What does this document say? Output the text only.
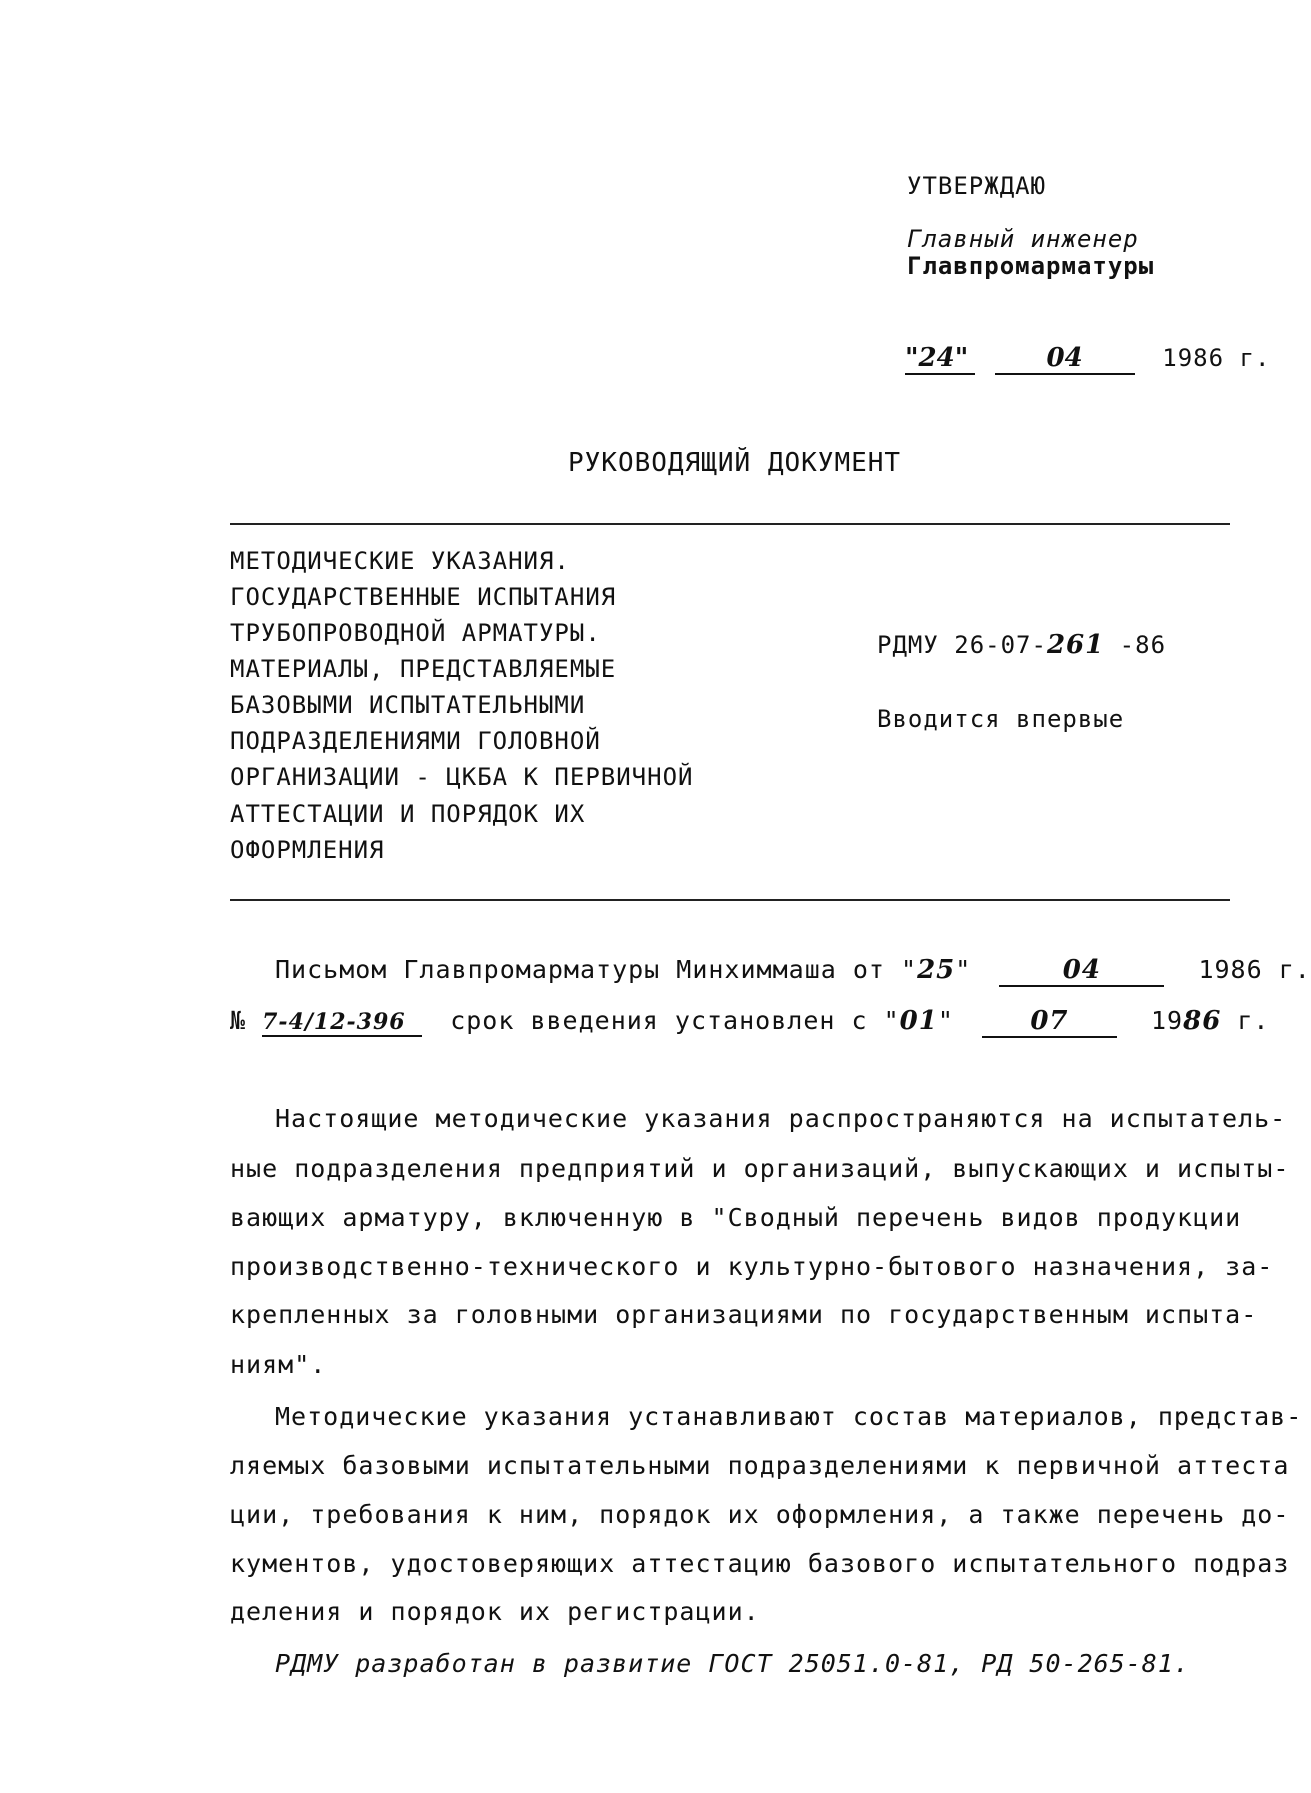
УТВЕРЖДАЮ
Главный инженер
Главпромарматуры
"24"	04	1986 г.
РУКОВОДЯЩИЙ ДОКУМЕНТ
МЕТОДИЧЕСКИЕ УКАЗАНИЯ.
ГОСУДАРСТВЕННЫЕ ИСПЫТАНИЯ
ТРУБОПРОВОДНОЙ АРМАТУРЫ.
МАТЕРИАЛЫ, ПРЕДСТАВЛЯЕМЫЕ
БАЗОВЫМИ ИСПЫТАТЕЛЬНЫМИ
ПОДРАЗДЕЛЕНИЯМИ ГОЛОВНОЙ
ОРГАНИЗАЦИИ - ЦКБА К ПЕРВИЧНОЙ
АТТЕСТАЦИИ И ПОРЯДОК ИХ
ОФОРМЛЕНИЯ
РДМУ 26-07-261 -86
Вводится впервые
Письмом Главпромарматуры Минхиммаша от "25"	04	1986 г.
№ 7-4/12-396 срок введения установлен с "01"	07	1986 г.
Настоящие методические указания распространяются на испытатель-
ные подразделения предприятий и организаций, выпускающих и испыты-
вающих арматуру, включенную в "Сводный перечень видов продукции
производственно-технического и культурно-бытового назначения, за-
крепленных за головными организациями по государственным испыта-
ниям".
Методические указания устанавливают состав материалов, представ-
ляемых базовыми испытательными подразделениями к первичной аттеста
ции, требования к ним, порядок их оформления, а также перечень до-
кументов, удостоверяющих аттестацию базового испытательного подраз
деления и порядок их регистрации.
РДМУ разработан в развитие ГОСТ 25051.0-81, РД 50-265-81.
